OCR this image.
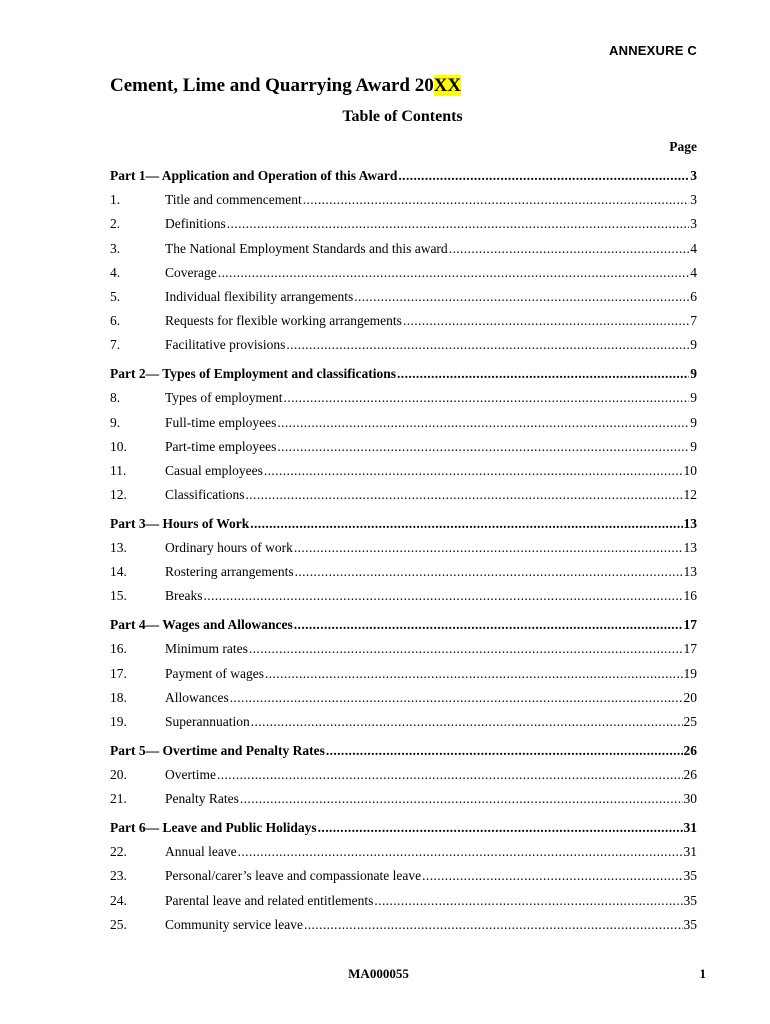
ANNEXURE C
Cement, Lime and Quarrying Award 20XX
Table of Contents
Page
Part 1— Application and Operation of this Award .....	3
1.	Title and commencement .....	3
2.	Definitions .....	3
3.	The National Employment Standards and this award .....	4
4.	Coverage .....	4
5.	Individual flexibility arrangements .....	6
6.	Requests for flexible working arrangements .....	7
7.	Facilitative provisions .....	9
Part 2— Types of Employment and classifications .....	9
8.	Types of employment .....	9
9.	Full-time employees .....	9
10.	Part-time employees .....	9
11.	Casual employees .....	10
12.	Classifications .....	12
Part 3— Hours of Work .....	13
13.	Ordinary hours of work .....	13
14.	Rostering arrangements .....	13
15.	Breaks .....	16
Part 4— Wages and Allowances .....	17
16.	Minimum rates .....	17
17.	Payment of wages .....	19
18.	Allowances .....	20
19.	Superannuation .....	25
Part 5— Overtime and Penalty Rates .....	26
20.	Overtime .....	26
21.	Penalty Rates .....	30
Part 6— Leave and Public Holidays .....	31
22.	Annual leave .....	31
23.	Personal/carer’s leave and compassionate leave .....	35
24.	Parental leave and related entitlements .....	35
25.	Community service leave .....	35
MA000055	1
